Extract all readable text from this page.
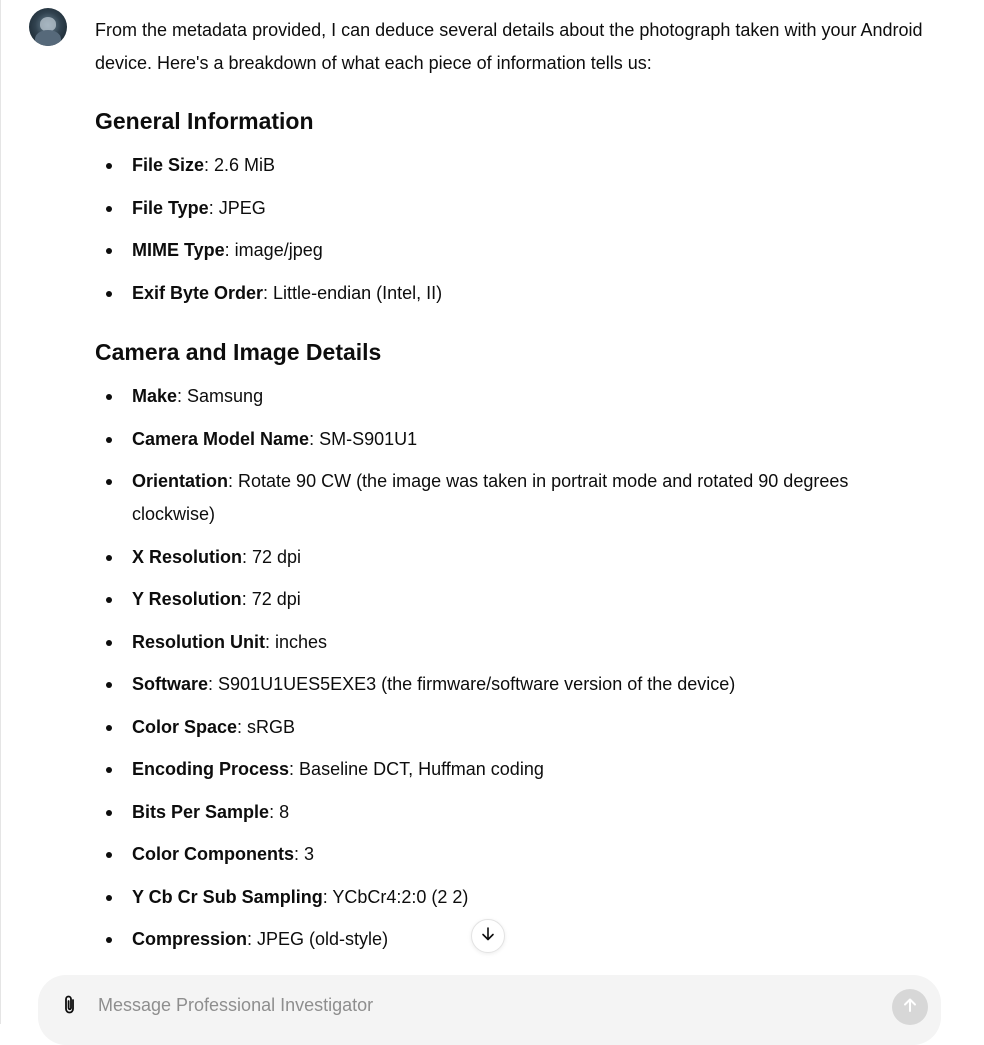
From the metadata provided, I can deduce several details about the photograph taken with your Android device. Here's a breakdown of what each piece of information tells us:

General Information
File Size: 2.6 MiB
File Type: JPEG
MIME Type: image/jpeg
Exif Byte Order: Little-endian (Intel, II)
Camera and Image Details
Make: Samsung
Camera Model Name: SM-S901U1
Orientation: Rotate 90 CW (the image was taken in portrait mode and rotated 90 degrees clockwise)
X Resolution: 72 dpi
Y Resolution: 72 dpi
Resolution Unit: inches
Software: S901U1UES5EXE3 (the firmware/software version of the device)
Color Space: sRGB
Encoding Process: Baseline DCT, Huffman coding
Bits Per Sample: 8
Color Components: 3
Y Cb Cr Sub Sampling: YCbCr4:2:0 (2 2)
Compression: JPEG (old-style)
Message Professional Investigator
